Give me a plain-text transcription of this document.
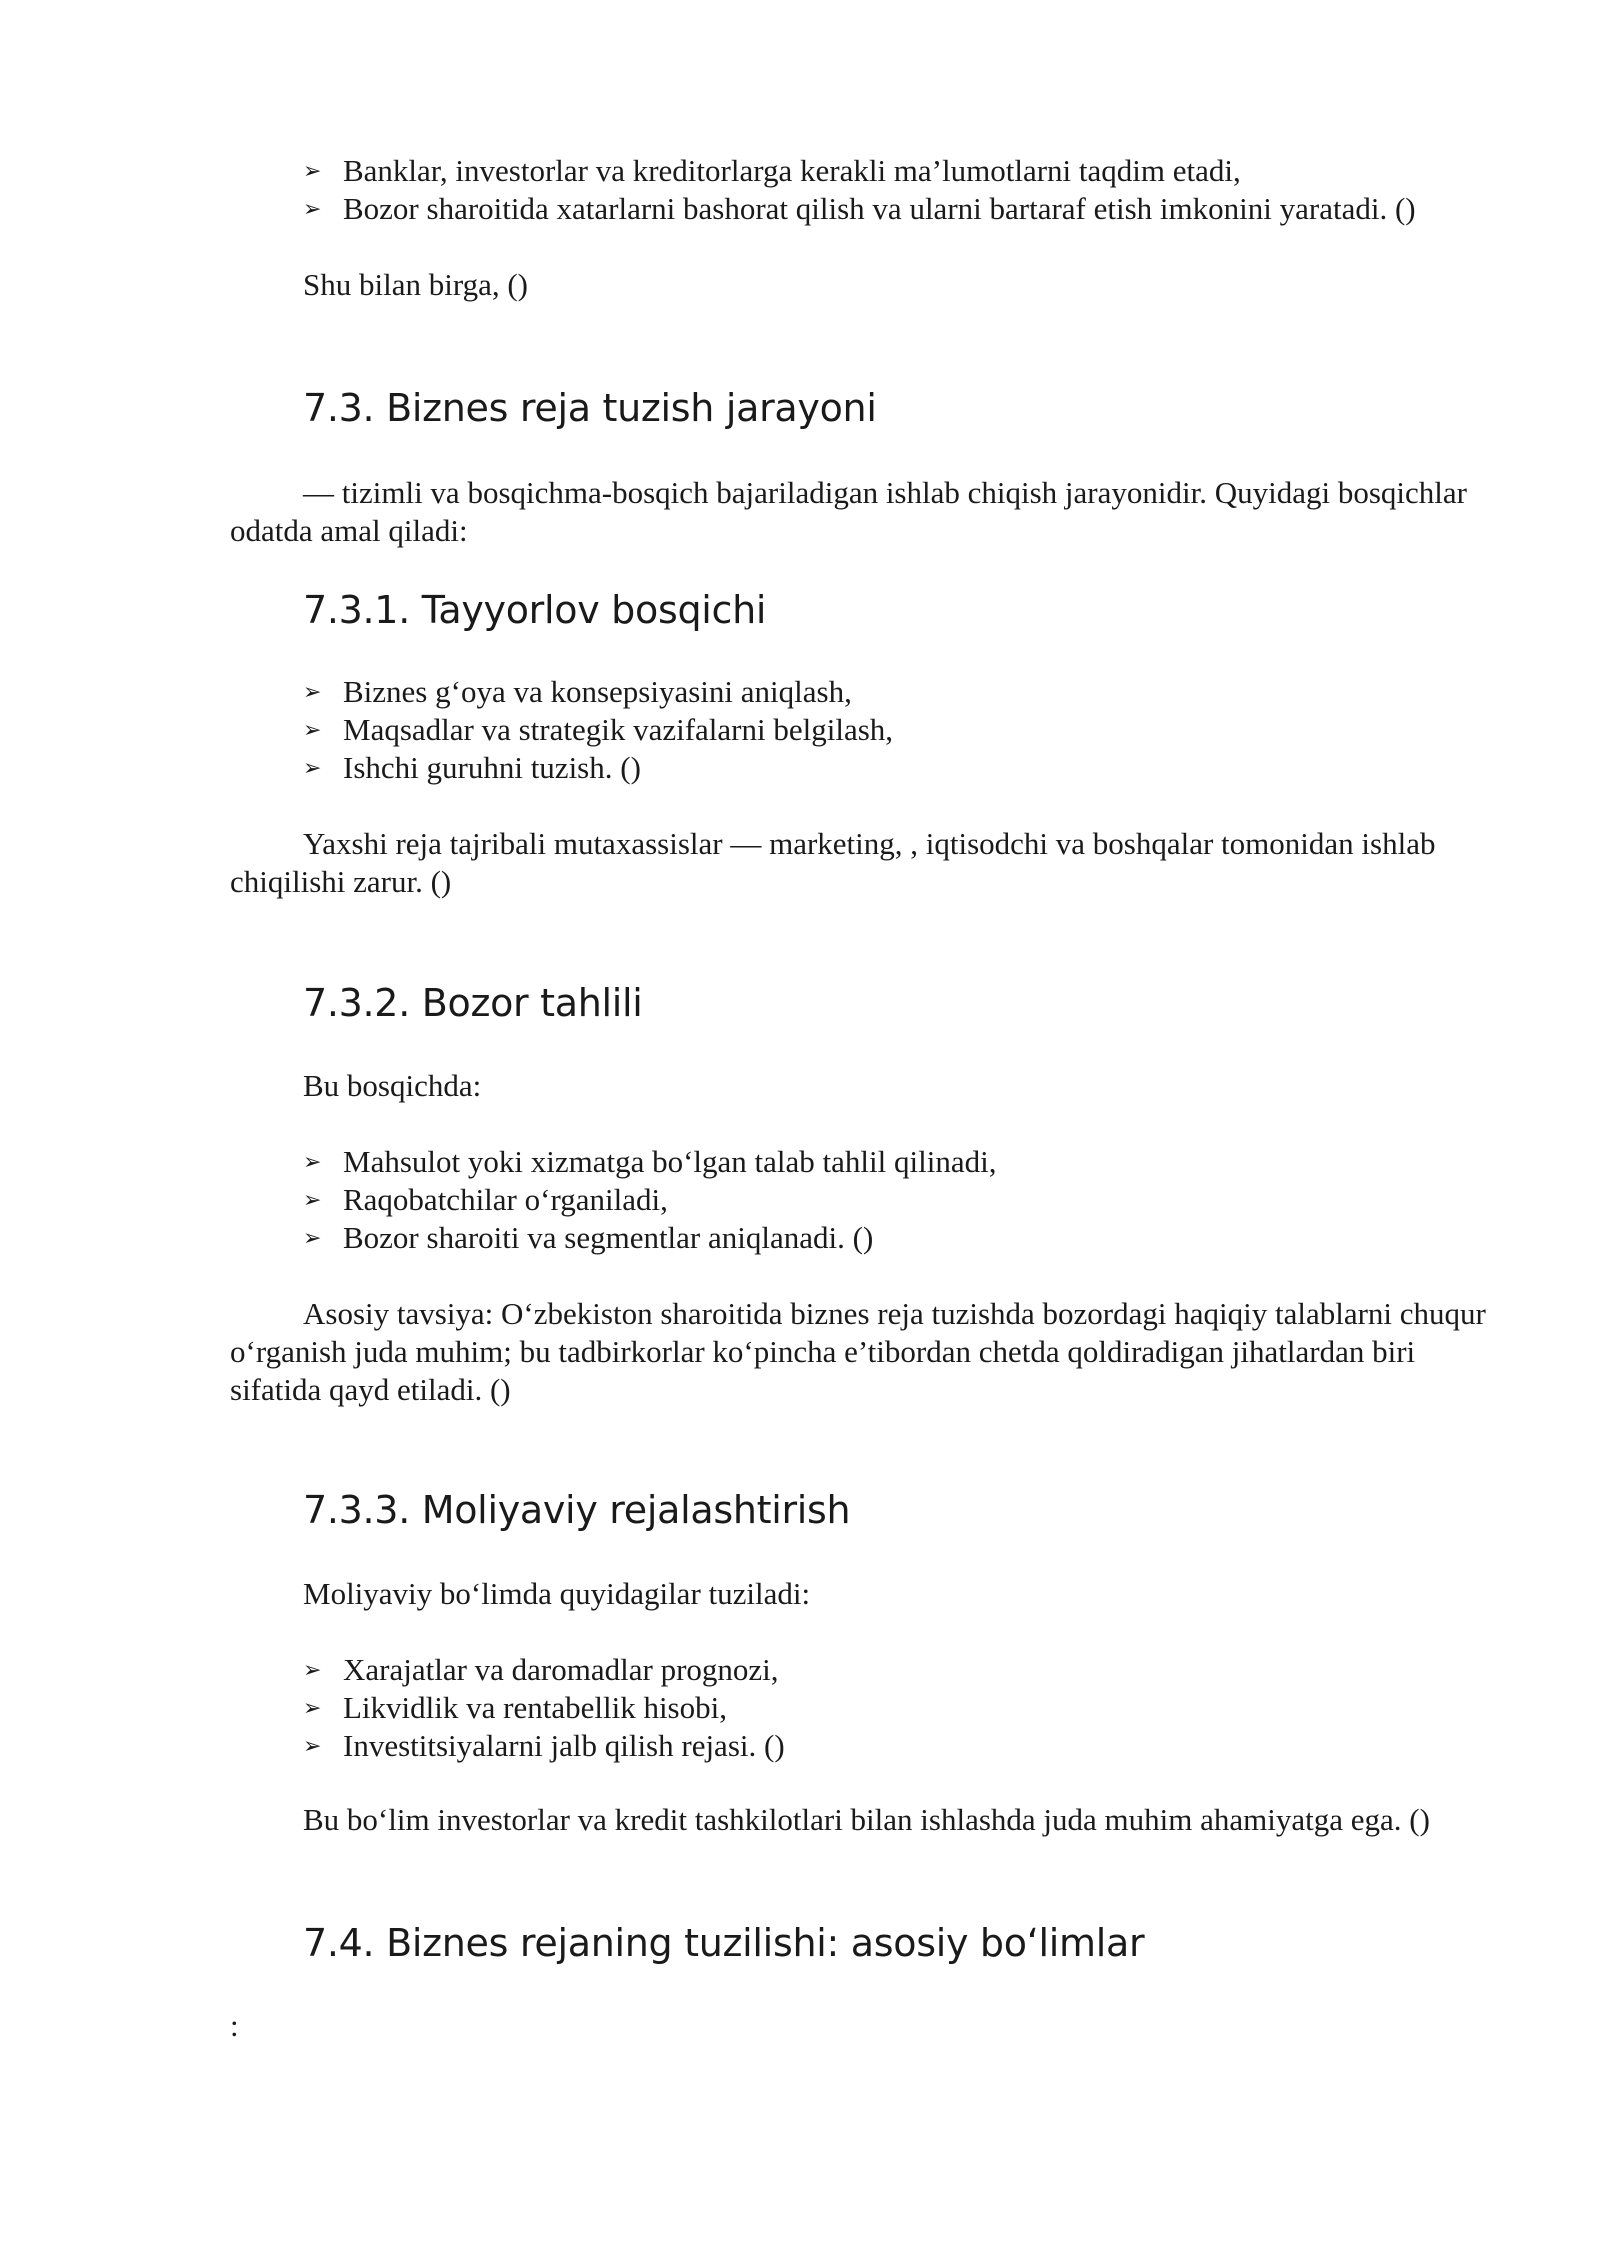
➢ Banklar, investorlar va kreditorlarga kerakli ma’lumotlarni taqdim etadi,
➢ Bozor sharoitida xatarlarni bashorat qilish va ularni bartaraf etish imkonini yaratadi. ()

Shu bilan birga, ()

7.3. Biznes reja tuzish jarayoni

— tizimli va bosqichma-bosqich bajariladigan ishlab chiqish jarayonidir. Quyidagi bosqichlar odatda amal qiladi:

7.3.1. Tayyorlov bosqichi
➢ Biznes g‘oya va konsepsiyasini aniqlash,
➢ Maqsadlar va strategik vazifalarni belgilash,
➢ Ishchi guruhni tuzish. ()

Yaxshi reja tajribali mutaxassislar — marketing, , iqtisodchi va boshqalar tomonidan ishlab chiqilishi zarur. ()

7.3.2. Bozor tahlili

Bu bosqichda:

➢ Mahsulot yoki xizmatga bo‘lgan talab tahlil qilinadi,
➢ Raqobatchilar o‘rganiladi,
➢ Bozor sharoiti va segmentlar aniqlanadi. ()

Asosiy tavsiya: O‘zbekiston sharoitida biznes reja tuzishda bozordagi haqiqiy talablarni chuqur o‘rganish juda muhim; bu tadbirkorlar ko‘pincha e’tibordan chetda qoldiradigan jihatlardan biri sifatida qayd etiladi. ()

7.3.3. Moliyaviy rejalashtirish

Moliyaviy bo‘limda quyidagilar tuziladi:

➢ Xarajatlar va daromadlar prognozi,
➢ Likvidlik va rentabellik hisobi,
➢ Investitsiyalarni jalb qilish rejasi. ()

Bu bo‘lim investorlar va kredit tashkilotlari bilan ishlashda juda muhim ahamiyatga ega. ()

7.4. Biznes rejaning tuzilishi: asosiy bo‘limlar

:
